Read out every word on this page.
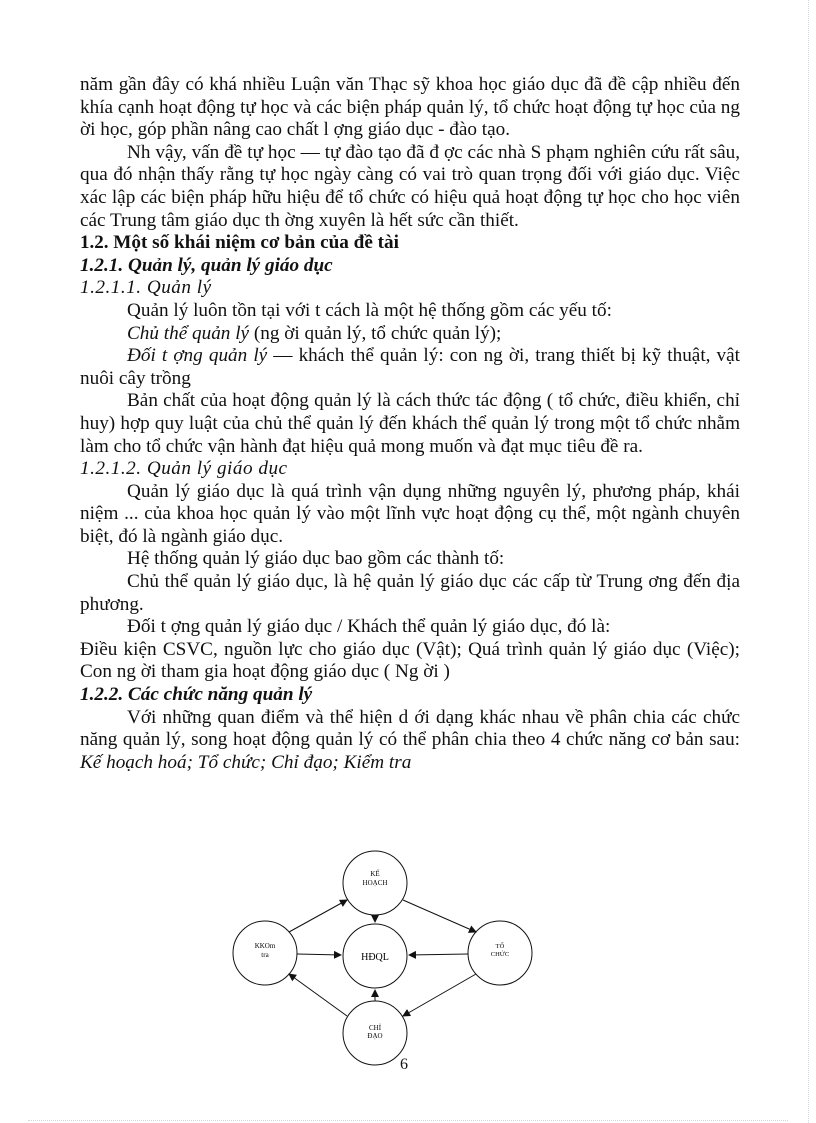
năm gần đây có khá nhiều Luận văn Thạc sỹ khoa học giáo dục đã đề cập nhiều đến khía cạnh hoạt động tự học và các biện pháp quản lý, tổ chức hoạt động tự học của ng ời học, góp phần nâng cao chất l ợng giáo dục - đào tạo.

Nh vậy, vấn đề tự học — tự đào tạo đã đ ợc các nhà S phạm nghiên cứu rất sâu, qua đó nhận thấy rằng tự học ngày càng có vai trò quan trọng đối với giáo dục. Việc xác lập các biện pháp hữu hiệu để tổ chức có hiệu quả hoạt động tự học cho học viên các Trung tâm giáo dục th ờng xuyên là hết sức cần thiết.

1.2. Một số khái niệm cơ bản của đề tài

1.2.1. Quản lý, quản lý giáo dục

1.2.1.1. Quản lý

Quản lý luôn tồn tại với t cách là một hệ thống gồm các yếu tố:

Chủ thể quản lý (ng ời quản lý, tổ chức quản lý);

Đối t ợng quản lý — khách thể quản lý: con ng ời, trang thiết bị kỹ thuật, vật nuôi cây trồng

Bản chất của hoạt động quản lý là cách thức tác động ( tổ chức, điều khiển, chỉ huy) hợp quy luật của chủ thể quản lý đến khách thể quản lý trong một tổ chức nhằm làm cho tổ chức vận hành đạt hiệu quả mong muốn và đạt mục tiêu đề ra.

1.2.1.2. Quản lý giáo dục

Quản lý giáo dục là quá trình vận dụng những nguyên lý, phương pháp, khái niệm ... của khoa học quản lý vào một lĩnh vực hoạt động cụ thể, một ngành chuyên biệt, đó là ngành giáo dục.

Hệ thống quản lý giáo dục bao gồm các thành tố:

Chủ thể quản lý giáo dục, là hệ quản lý giáo dục các cấp từ Trung ơng đến địa phương.

Đối t ợng quản lý giáo dục / Khách thể quản lý giáo dục, đó là:

Điều kiện CSVC, nguồn lực cho giáo dục (Vật); Quá trình quản lý giáo dục (Việc); Con ng ời tham gia hoạt động giáo dục ( Ng ời )

1.2.2. Các chức năng quản lý

Với những quan điểm và thể hiện d ới dạng khác nhau về phân chia các chức năng quản lý, song hoạt động quản lý có thể phân chia theo 4 chức năng cơ bản sau: Kế hoạch hoá; Tổ chức; Chỉ đạo; Kiểm tra

KẾ
HOẠCH
KKOm
tra	HĐQL
TỔ
CHỨC
CHỈ
ĐẠO
6
